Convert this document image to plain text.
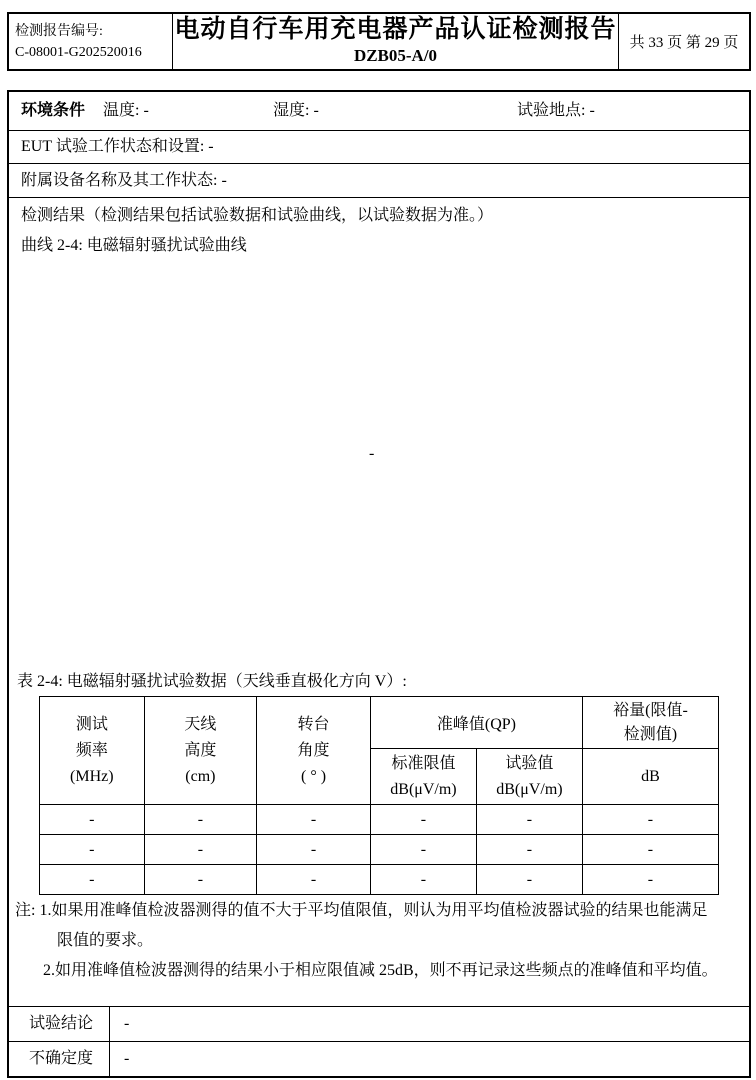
检测报告编号:
C-08001-G202520016
电动自行车用充电器产品认证检测报告
DZB05-A/0
共 33 页 第 29 页
环境条件 温度: -	湿度: -	试验地点: -
EUT 试验工作状态和设置: -
附属设备名称及其工作状态: -
检测结果（检测结果包括试验数据和试验曲线，以试验数据为准。）
曲线 2-4: 电磁辐射骚扰试验曲线
-
表 2-4: 电磁辐射骚扰试验数据（天线垂直极化方向 V）:
测试
频率
(MHz)	天线
高度
(cm)	转台
角度
( ° )	准峰值(QP)		裕量(限值-
检测值)

			标准限值
dB(μV/m)	试验值
dB(μV/m)	dB
-	-	-	-	-	-
-	-	-	-	-	-
-	-	-	-	-	-
注: 1.如果用准峰值检波器测得的值不大于平均值限值，则认为用平均值检波器试验的结果也能满足
限值的要求。
2.如用准峰值检波器测得的结果小于相应限值减 25dB，则不再记录这些频点的准峰值和平均值。
试验结论	-
不确定度	-
